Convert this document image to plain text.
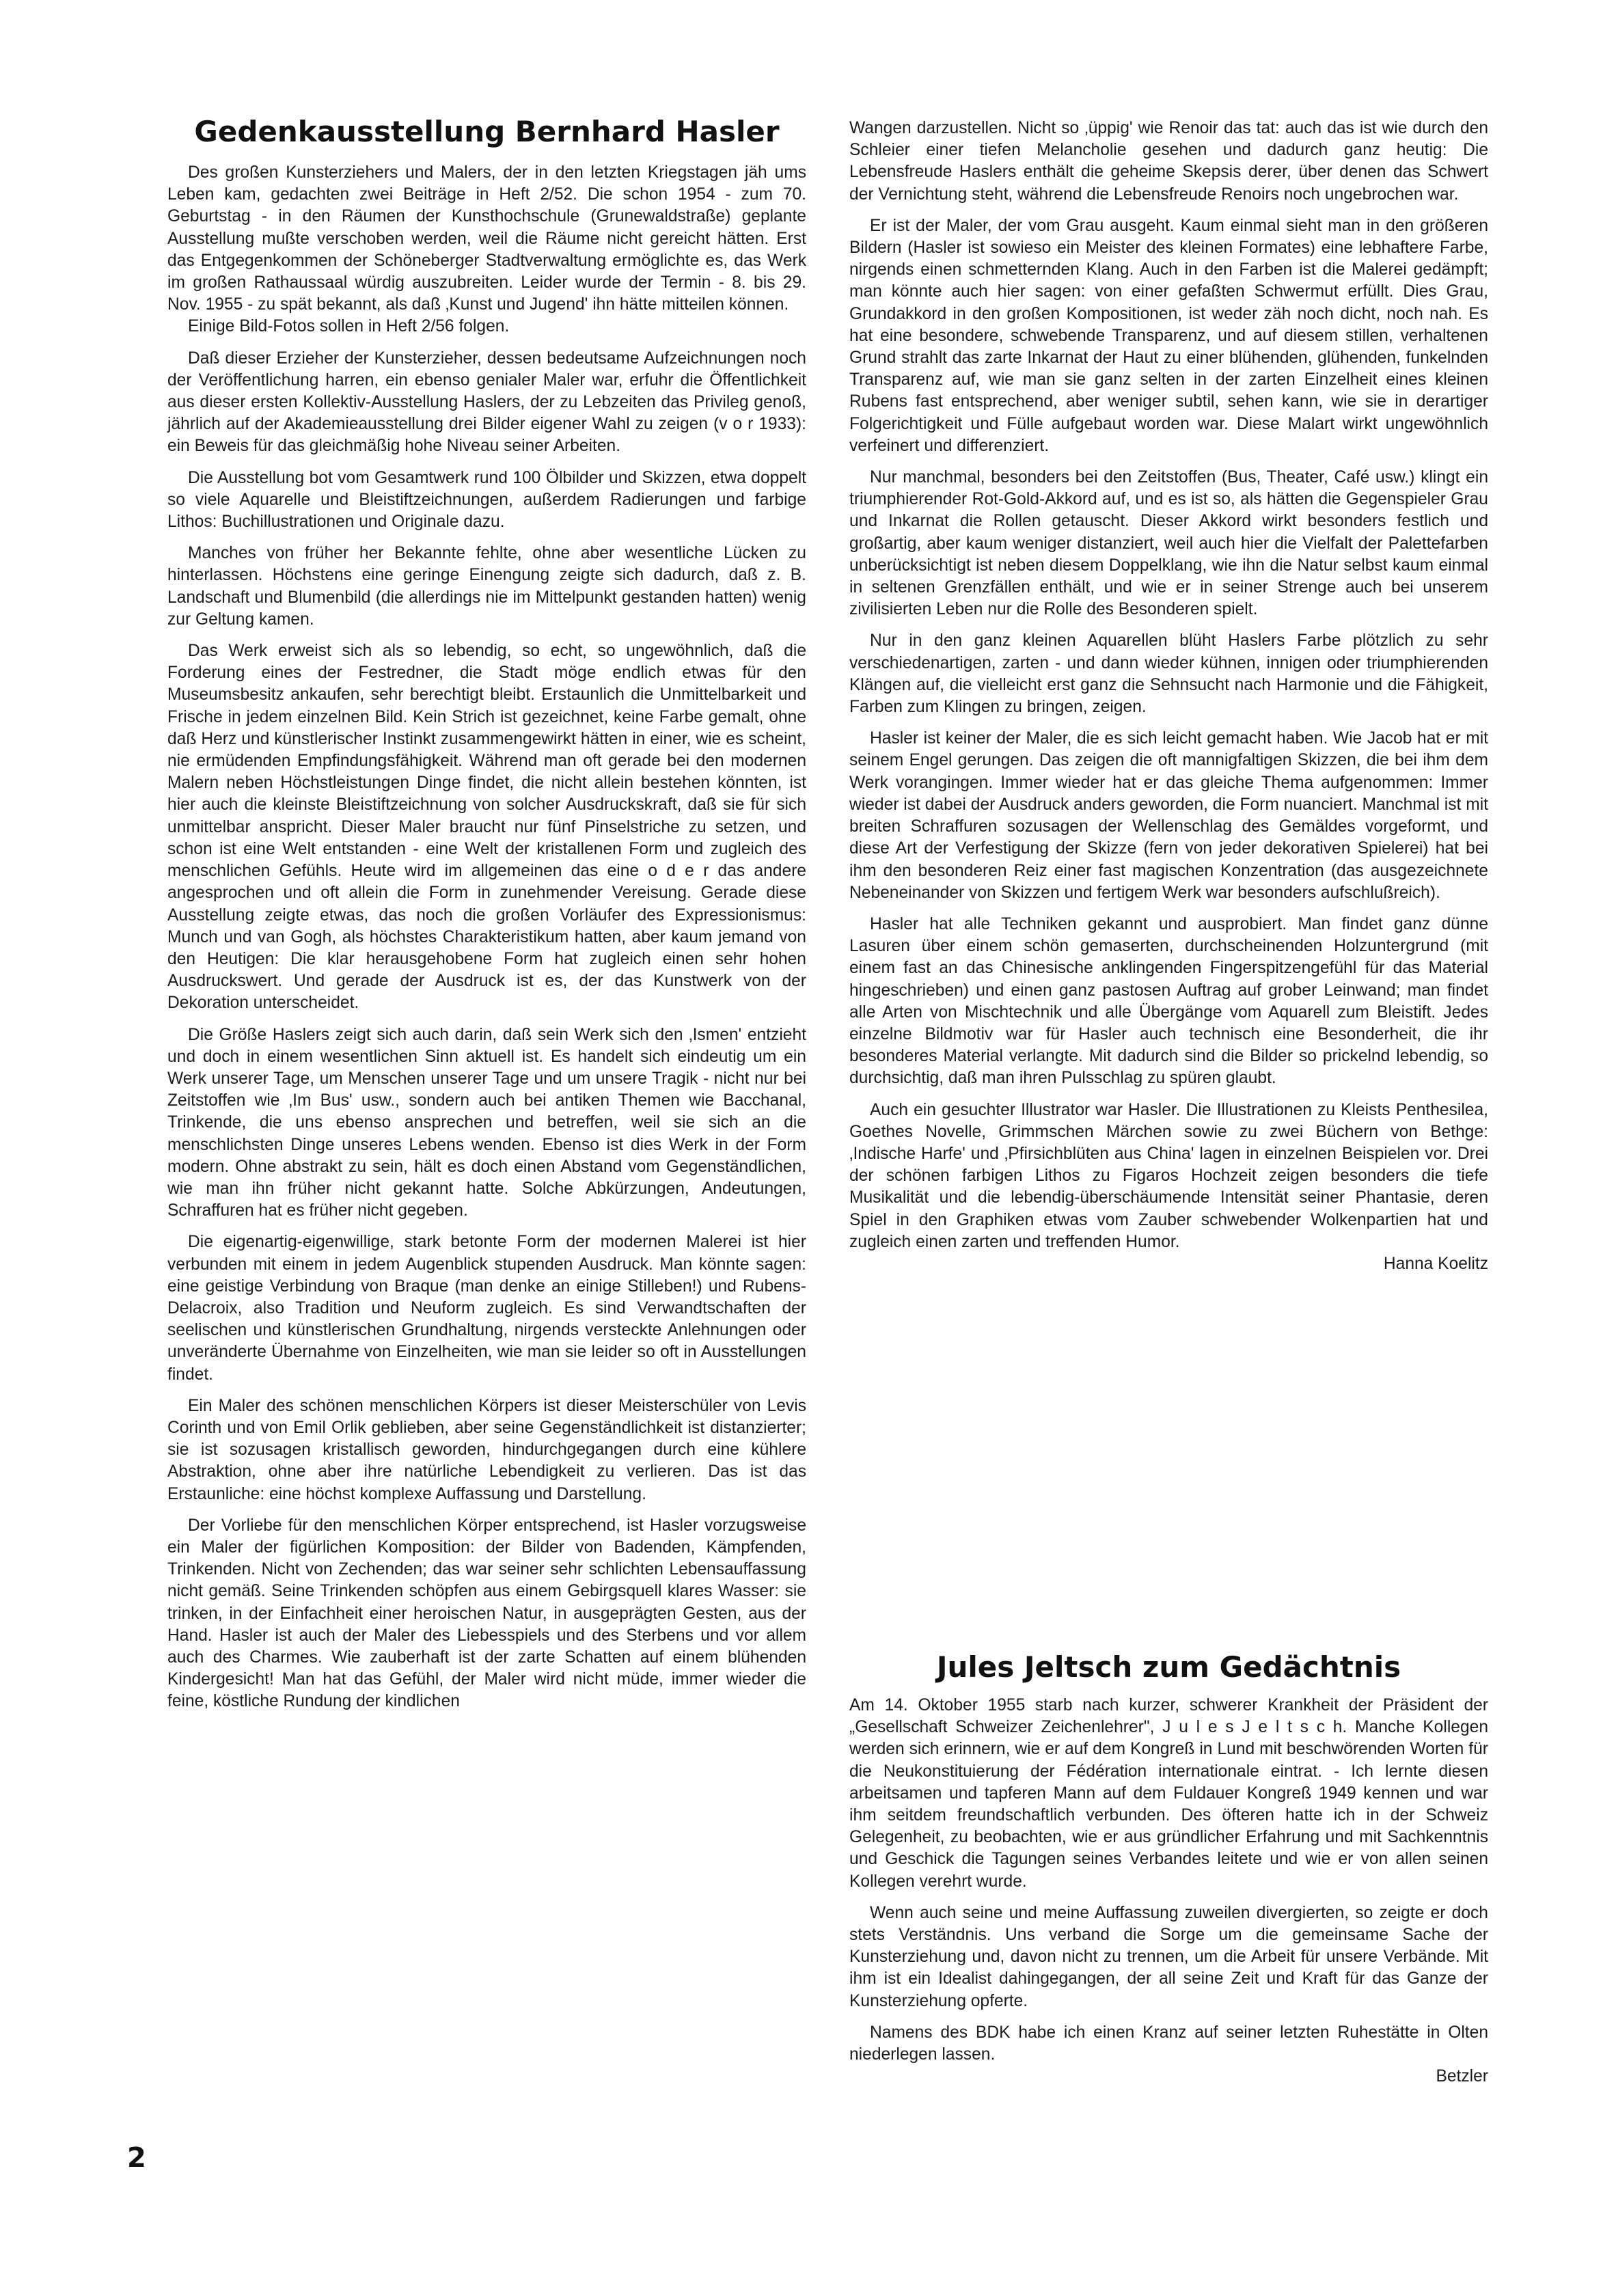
Gedenkausstellung Bernhard Hasler

Des großen Kunsterziehers und Malers, der in den letzten Kriegstagen jäh ums Leben kam, gedachten zwei Beiträge in Heft 2/52. Die schon 1954 - zum 70. Geburtstag - in den Räumen der Kunsthochschule (Grunewaldstraße) geplante Ausstellung mußte verschoben werden, weil die Räume nicht gereicht hätten. Erst das Entgegenkommen der Schöneberger Stadtverwaltung ermöglichte es, das Werk im großen Rathaussaal würdig auszubreiten. Leider wurde der Termin - 8. bis 29. Nov. 1955 - zu spät bekannt, als daß ‚Kunst und Jugend' ihn hätte mitteilen können.

Einige Bild-Fotos sollen in Heft 2/56 folgen.

Daß dieser Erzieher der Kunsterzieher, dessen bedeutsame Aufzeichnungen noch der Veröffentlichung harren, ein ebenso genialer Maler war, erfuhr die Öffentlichkeit aus dieser ersten Kollektiv-Ausstellung Haslers, der zu Lebzeiten das Privileg genoß, jährlich auf der Akademieausstellung drei Bilder eigener Wahl zu zeigen (v o r 1933): ein Beweis für das gleichmäßig hohe Niveau seiner Arbeiten.

Die Ausstellung bot vom Gesamtwerk rund 100 Ölbilder und Skizzen, etwa doppelt so viele Aquarelle und Bleistiftzeichnungen, außerdem Radierungen und farbige Lithos: Buchillustrationen und Originale dazu.

Manches von früher her Bekannte fehlte, ohne aber wesentliche Lücken zu hinterlassen. Höchstens eine geringe Einengung zeigte sich dadurch, daß z. B. Landschaft und Blumenbild (die allerdings nie im Mittelpunkt gestanden hatten) wenig zur Geltung kamen.

Das Werk erweist sich als so lebendig, so echt, so ungewöhnlich, daß die Forderung eines der Festredner, die Stadt möge endlich etwas für den Museumsbesitz ankaufen, sehr berechtigt bleibt. Erstaunlich die Unmittelbarkeit und Frische in jedem einzelnen Bild. Kein Strich ist gezeichnet, keine Farbe gemalt, ohne daß Herz und künstlerischer Instinkt zusammengewirkt hätten in einer, wie es scheint, nie ermüdenden Empfindungsfähigkeit. Während man oft gerade bei den modernen Malern neben Höchstleistungen Dinge findet, die nicht allein bestehen könnten, ist hier auch die kleinste Bleistiftzeichnung von solcher Ausdruckskraft, daß sie für sich unmittelbar anspricht. Dieser Maler braucht nur fünf Pinselstriche zu setzen, und schon ist eine Welt entstanden - eine Welt der kristallenen Form und zugleich des menschlichen Gefühls. Heute wird im allgemeinen das eine o d e r das andere angesprochen und oft allein die Form in zunehmender Vereisung. Gerade diese Ausstellung zeigte etwas, das noch die großen Vorläufer des Expressionismus: Munch und van Gogh, als höchstes Charakteristikum hatten, aber kaum jemand von den Heutigen: Die klar herausgehobene Form hat zugleich einen sehr hohen Ausdruckswert. Und gerade der Ausdruck ist es, der das Kunstwerk von der Dekoration unterscheidet.

Die Größe Haslers zeigt sich auch darin, daß sein Werk sich den ‚Ismen' entzieht und doch in einem wesentlichen Sinn aktuell ist. Es handelt sich eindeutig um ein Werk unserer Tage, um Menschen unserer Tage und um unsere Tragik - nicht nur bei Zeitstoffen wie ‚Im Bus' usw., sondern auch bei antiken Themen wie Bacchanal, Trinkende, die uns ebenso ansprechen und betreffen, weil sie sich an die menschlichsten Dinge unseres Lebens wenden. Ebenso ist dies Werk in der Form modern. Ohne abstrakt zu sein, hält es doch einen Abstand vom Gegenständlichen, wie man ihn früher nicht gekannt hatte. Solche Abkürzungen, Andeutungen, Schraffuren hat es früher nicht gegeben.

Die eigenartig-eigenwillige, stark betonte Form der modernen Malerei ist hier verbunden mit einem in jedem Augenblick stupenden Ausdruck. Man könnte sagen: eine geistige Verbindung von Braque (man denke an einige Stilleben!) und Rubens-Delacroix, also Tradition und Neuform zugleich. Es sind Verwandtschaften der seelischen und künstlerischen Grundhaltung, nirgends versteckte Anlehnungen oder unveränderte Übernahme von Einzelheiten, wie man sie leider so oft in Ausstellungen findet.

Ein Maler des schönen menschlichen Körpers ist dieser Meisterschüler von Levis Corinth und von Emil Orlik geblieben, aber seine Gegenständlichkeit ist distanzierter; sie ist sozusagen kristallisch geworden, hindurchgegangen durch eine kühlere Abstraktion, ohne aber ihre natürliche Lebendigkeit zu verlieren. Das ist das Erstaunliche: eine höchst komplexe Auffassung und Darstellung.

Der Vorliebe für den menschlichen Körper entsprechend, ist Hasler vorzugsweise ein Maler der figürlichen Komposition: der Bilder von Badenden, Kämpfenden, Trinkenden. Nicht von Zechenden; das war seiner sehr schlichten Lebensauffassung nicht gemäß. Seine Trinkenden schöpfen aus einem Gebirgsquell klares Wasser: sie trinken, in der Einfachheit einer heroischen Natur, in ausgeprägten Gesten, aus der Hand. Hasler ist auch der Maler des Liebesspiels und des Sterbens und vor allem auch des Charmes. Wie zauberhaft ist der zarte Schatten auf einem blühenden Kindergesicht! Man hat das Gefühl, der Maler wird nicht müde, immer wieder die feine, köstliche Rundung der kindlichen

Wangen darzustellen. Nicht so ‚üppig' wie Renoir das tat: auch das ist wie durch den Schleier einer tiefen Melancholie gesehen und dadurch ganz heutig: Die Lebensfreude Haslers enthält die geheime Skepsis derer, über denen das Schwert der Vernichtung steht, während die Lebensfreude Renoirs noch ungebrochen war.

Er ist der Maler, der vom Grau ausgeht. Kaum einmal sieht man in den größeren Bildern (Hasler ist sowieso ein Meister des kleinen Formates) eine lebhaftere Farbe, nirgends einen schmetternden Klang. Auch in den Farben ist die Malerei gedämpft; man könnte auch hier sagen: von einer gefaßten Schwermut erfüllt. Dies Grau, Grundakkord in den großen Kompositionen, ist weder zäh noch dicht, noch nah. Es hat eine besondere, schwebende Transparenz, und auf diesem stillen, verhaltenen Grund strahlt das zarte Inkarnat der Haut zu einer blühenden, glühenden, funkelnden Transparenz auf, wie man sie ganz selten in der zarten Einzelheit eines kleinen Rubens fast entsprechend, aber weniger subtil, sehen kann, wie sie in derartiger Folgerichtigkeit und Fülle aufgebaut worden war. Diese Malart wirkt ungewöhnlich verfeinert und differenziert.

Nur manchmal, besonders bei den Zeitstoffen (Bus, Theater, Café usw.) klingt ein triumphierender Rot-Gold-Akkord auf, und es ist so, als hätten die Gegenspieler Grau und Inkarnat die Rollen getauscht. Dieser Akkord wirkt besonders festlich und großartig, aber kaum weniger distanziert, weil auch hier die Vielfalt der Palettefarben unberücksichtigt ist neben diesem Doppelklang, wie ihn die Natur selbst kaum einmal in seltenen Grenzfällen enthält, und wie er in seiner Strenge auch bei unserem zivilisierten Leben nur die Rolle des Besonderen spielt.

Nur in den ganz kleinen Aquarellen blüht Haslers Farbe plötzlich zu sehr verschiedenartigen, zarten - und dann wieder kühnen, innigen oder triumphierenden Klängen auf, die vielleicht erst ganz die Sehnsucht nach Harmonie und die Fähigkeit, Farben zum Klingen zu bringen, zeigen.

Hasler ist keiner der Maler, die es sich leicht gemacht haben. Wie Jacob hat er mit seinem Engel gerungen. Das zeigen die oft mannigfaltigen Skizzen, die bei ihm dem Werk vorangingen. Immer wieder hat er das gleiche Thema aufgenommen: Immer wieder ist dabei der Ausdruck anders geworden, die Form nuanciert. Manchmal ist mit breiten Schraffuren sozusagen der Wellenschlag des Gemäldes vorgeformt, und diese Art der Verfestigung der Skizze (fern von jeder dekorativen Spielerei) hat bei ihm den besonderen Reiz einer fast magischen Konzentration (das ausgezeichnete Nebeneinander von Skizzen und fertigem Werk war besonders aufschlußreich).

Hasler hat alle Techniken gekannt und ausprobiert. Man findet ganz dünne Lasuren über einem schön gemaserten, durchscheinenden Holzuntergrund (mit einem fast an das Chinesische anklingenden Fingerspitzengefühl für das Material hingeschrieben) und einen ganz pastosen Auftrag auf grober Leinwand; man findet alle Arten von Mischtechnik und alle Übergänge vom Aquarell zum Bleistift. Jedes einzelne Bildmotiv war für Hasler auch technisch eine Besonderheit, die ihr besonderes Material verlangte. Mit dadurch sind die Bilder so prickelnd lebendig, so durchsichtig, daß man ihren Pulsschlag zu spüren glaubt.

Auch ein gesuchter Illustrator war Hasler. Die Illustrationen zu Kleists Penthesilea, Goethes Novelle, Grimmschen Märchen sowie zu zwei Büchern von Bethge: ‚Indische Harfe' und ‚Pfirsichblüten aus China' lagen in einzelnen Beispielen vor. Drei der schönen farbigen Lithos zu Figaros Hochzeit zeigen besonders die tiefe Musikalität und die lebendig-überschäumende Intensität seiner Phantasie, deren Spiel in den Graphiken etwas vom Zauber schwebender Wolkenpartien hat und zugleich einen zarten und treffenden Humor.

Hanna Koelitz
Jules Jeltsch zum Gedächtnis

Am 14. Oktober 1955 starb nach kurzer, schwerer Krankheit der Präsident der „Gesellschaft Schweizer Zeichenlehrer", J u l e s J e l t s c h. Manche Kollegen werden sich erinnern, wie er auf dem Kongreß in Lund mit beschwörenden Worten für die Neukonstituierung der Fédération internationale eintrat. - Ich lernte diesen arbeitsamen und tapferen Mann auf dem Fuldauer Kongreß 1949 kennen und war ihm seitdem freundschaftlich verbunden. Des öfteren hatte ich in der Schweiz Gelegenheit, zu beobachten, wie er aus gründlicher Erfahrung und mit Sachkenntnis und Geschick die Tagungen seines Verbandes leitete und wie er von allen seinen Kollegen verehrt wurde.

Wenn auch seine und meine Auffassung zuweilen divergierten, so zeigte er doch stets Verständnis. Uns verband die Sorge um die gemeinsame Sache der Kunsterziehung und, davon nicht zu trennen, um die Arbeit für unsere Verbände. Mit ihm ist ein Idealist dahingegangen, der all seine Zeit und Kraft für das Ganze der Kunsterziehung opferte.

Namens des BDK habe ich einen Kranz auf seiner letzten Ruhestätte in Olten niederlegen lassen.

Betzler
2
